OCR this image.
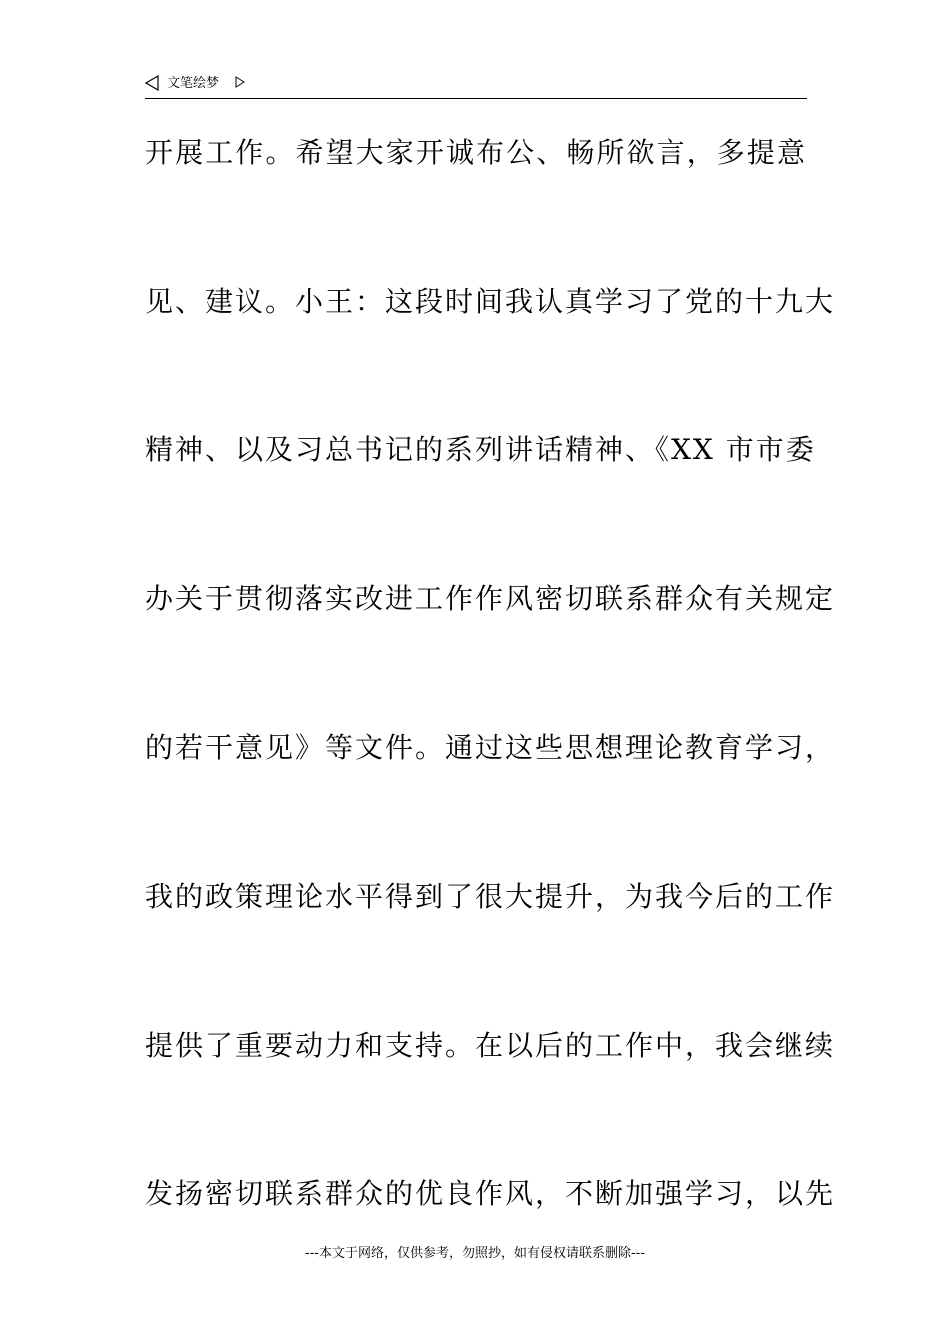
文笔绘梦
开展工作。希望大家开诚布公、畅所欲言，多提意
见、建议。小王：这段时间我认真学习了党的十九大
精神、以及习总书记的系列讲话精神、《XX 市市委
办关于贯彻落实改进工作作风密切联系群众有关规定
的若干意见》等文件。通过这些思想理论教育学习，
我的政策理论水平得到了很大提升，为我今后的工作
提供了重要动力和支持。在以后的工作中，我会继续
发扬密切联系群众的优良作风，不断加强学习，以先
---本文于网络，仅供参考，勿照抄，如有侵权请联系删除---
